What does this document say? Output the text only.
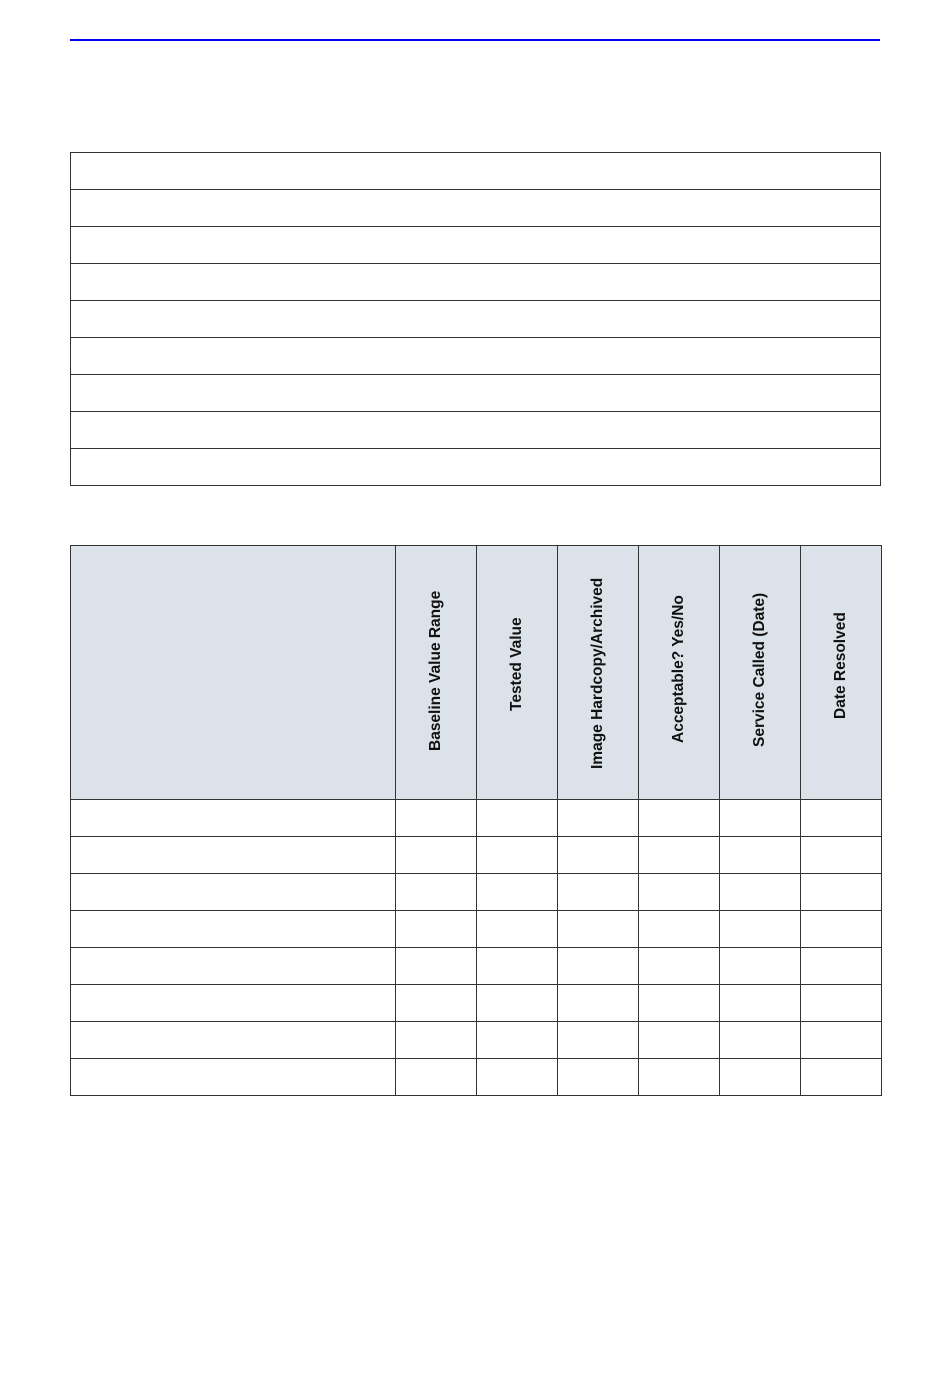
	Baseline Value Range	Tested Value	Image Hardcopy/Archived	Acceptable? Yes/No	Service Called (Date)	Date Resolved
